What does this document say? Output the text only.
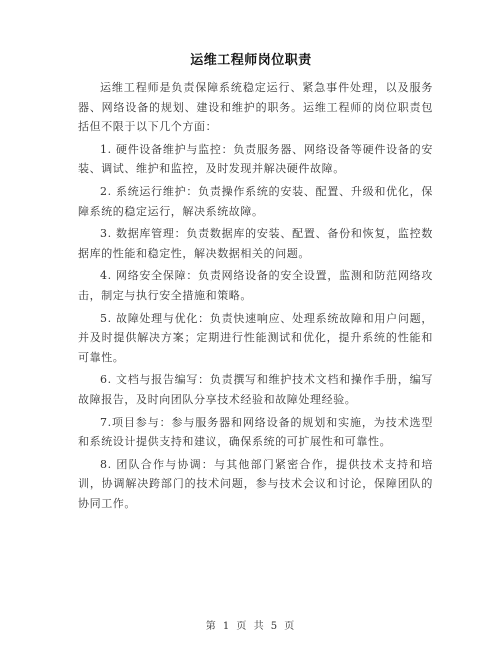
运维工程师岗位职责

运维工程师是负责保障系统稳定运行、紧急事件处理，以及服务器、网络设备的规划、建设和维护的职务。运维工程师的岗位职责包括但不限于以下几个方面：

1. 硬件设备维护与监控：负责服务器、网络设备等硬件设备的安装、调试、维护和监控，及时发现并解决硬件故障。

2. 系统运行维护：负责操作系统的安装、配置、升级和优化，保障系统的稳定运行，解决系统故障。

3. 数据库管理：负责数据库的安装、配置、备份和恢复，监控数据库的性能和稳定性，解决数据相关的问题。

4. 网络安全保障：负责网络设备的安全设置，监测和防范网络攻击，制定与执行安全措施和策略。

5. 故障处理与优化：负责快速响应、处理系统故障和用户问题，并及时提供解决方案；定期进行性能测试和优化，提升系统的性能和可靠性。

6. 文档与报告编写：负责撰写和维护技术文档和操作手册，编写故障报告，及时向团队分享技术经验和故障处理经验。

7.项目参与：参与服务器和网络设备的规划和实施，为技术选型和系统设计提供支持和建议，确保系统的可扩展性和可靠性。

8. 团队合作与协调：与其他部门紧密合作，提供技术支持和培训，协调解决跨部门的技术问题，参与技术会议和讨论，保障团队的协同工作。

第 1 页 共 5 页
